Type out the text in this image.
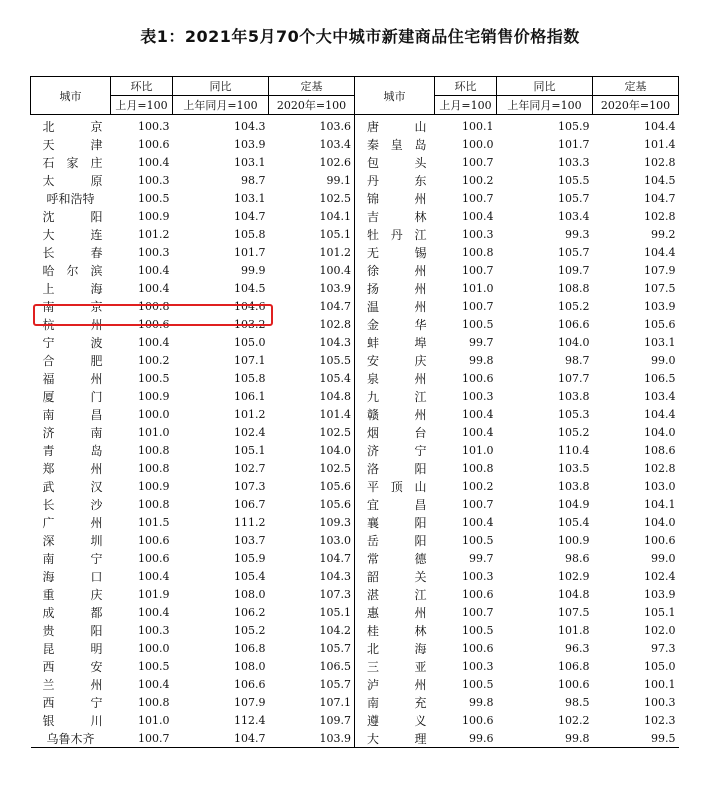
表1：2021年5月70个大中城市新建商品住宅销售价格指数
城市	环比	同比	定基	城市	环比	同比	定基
	上月=100	上年同月=100	2020年=100		上月=100	上年同月=100	2020年=100
北　京	100.3	104.3	103.6	唐　山	100.1	105.9	104.4
天　津	100.6	103.9	103.4	秦皇岛	100.0	101.7	101.4
石家庄	100.4	103.1	102.6	包　头	100.7	103.3	102.8
太　原	100.3	98.7	99.1	丹　东	100.2	105.5	104.5
呼和浩特	100.5	103.1	102.5	锦　州	100.7	105.7	104.7
沈　阳	100.9	104.7	104.1	吉　林	100.4	103.4	102.8
大　连	101.2	105.8	105.1	牡丹江	100.3	99.3	99.2
长　春	100.3	101.7	101.2	无　锡	100.8	105.7	104.4
哈尔滨	100.4	99.9	100.4	徐　州	100.7	109.7	107.9
上　海	100.4	104.5	103.9	扬　州	101.0	108.8	107.5
南　京	100.8	104.6	104.7	温　州	100.7	105.2	103.9
杭　州	100.6	103.2	102.8	金　华	100.5	106.6	105.6
宁　波	100.4	105.0	104.3	蚌　埠	99.7	104.0	103.1
合　肥	100.2	107.1	105.5	安　庆	99.8	98.7	99.0
福　州	100.5	105.8	105.4	泉　州	100.6	107.7	106.5
厦　门	100.9	106.1	104.8	九　江	100.3	103.8	103.4
南　昌	100.0	101.2	101.4	赣　州	100.4	105.3	104.4
济　南	101.0	102.4	102.5	烟　台	100.4	105.2	104.0
青　岛	100.8	105.1	104.0	济　宁	101.0	110.4	108.6
郑　州	100.8	102.7	102.5	洛　阳	100.8	103.5	102.8
武　汉	100.9	107.3	105.6	平顶山	100.2	103.8	103.0
长　沙	100.8	106.7	105.6	宜　昌	100.7	104.9	104.1
广　州	101.5	111.2	109.3	襄　阳	100.4	105.4	104.0
深　圳	100.6	103.7	103.0	岳　阳	100.5	100.9	100.6
南　宁	100.6	105.9	104.7	常　德	99.7	98.6	99.0
海　口	100.4	105.4	104.3	韶　关	100.3	102.9	102.4
重　庆	101.9	108.0	107.3	湛　江	100.6	104.8	103.9
成　都	100.4	106.2	105.1	惠　州	100.7	107.5	105.1
贵　阳	100.3	105.2	104.2	桂　林	100.5	101.8	102.0
昆　明	100.0	106.8	105.7	北　海	100.6	96.3	97.3
西　安	100.5	108.0	106.5	三　亚	100.3	106.8	105.0
兰　州	100.4	106.6	105.7	泸　州	100.5	100.6	100.1
西　宁	100.8	107.9	107.1	南　充	99.8	98.5	100.3
银　川	101.0	112.4	109.7	遵　义	100.6	102.2	102.3
乌鲁木齐	100.7	104.7	103.9	大　理	99.6	99.8	99.5
